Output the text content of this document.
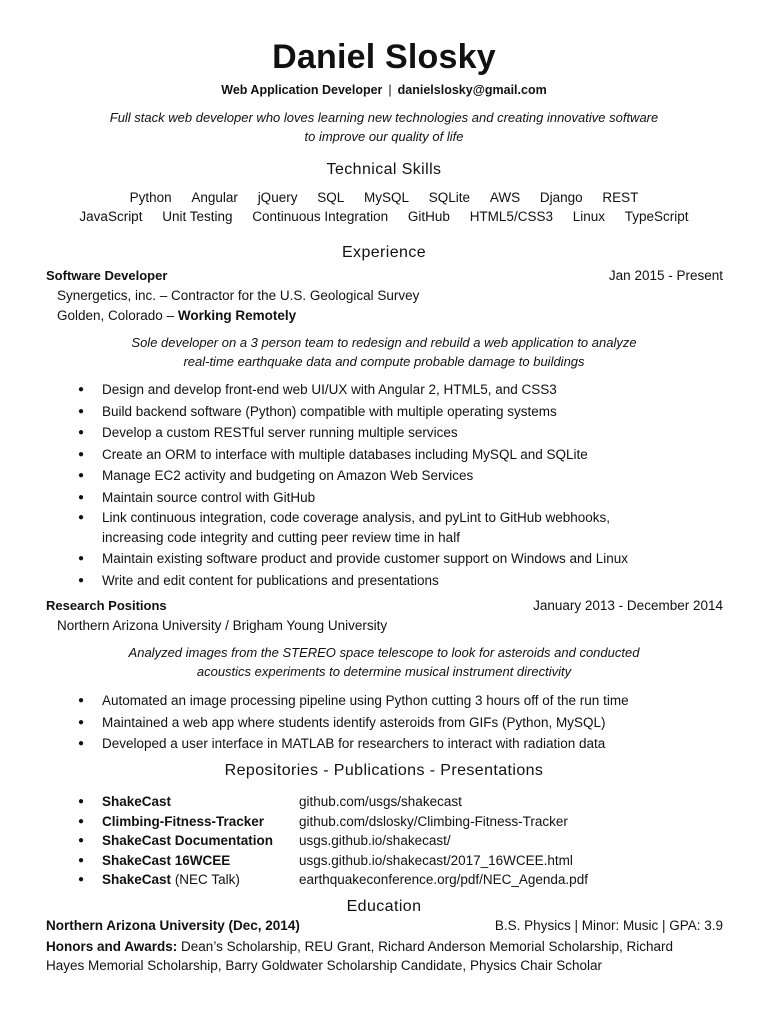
Daniel Slosky
Web Application Developer | danielslosky@gmail.com
Full stack web developer who loves learning new technologies and creating innovative software
to improve our quality of life
Technical Skills
Python Angular jQuery SQL MySQL SQLite AWS Django REST
JavaScript Unit Testing Continuous Integration GitHub HTML5/CSS3 Linux TypeScript
Experience
Software Developer	Jan 2015 - Present
Synergetics, inc. – Contractor for the U.S. Geological Survey
Golden, Colorado – Working Remotely
Sole developer on a 3 person team to redesign and rebuild a web application to analyze
real-time earthquake data and compute probable damage to buildings
● Design and develop front-end web UI/UX with Angular 2, HTML5, and CSS3
● Build backend software (Python) compatible with multiple operating systems
● Develop a custom RESTful server running multiple services
● Create an ORM to interface with multiple databases including MySQL and SQLite
● Manage EC2 activity and budgeting on Amazon Web Services
● Maintain source control with GitHub
● Link continuous integration, code coverage analysis, and pyLint to GitHub webhooks,
increasing code integrity and cutting peer review time in half
● Maintain existing software product and provide customer support on Windows and Linux
● Write and edit content for publications and presentations
Research Positions	January 2013 - December 2014
Northern Arizona University / Brigham Young University
Analyzed images from the STEREO space telescope to look for asteroids and conducted
acoustics experiments to determine musical instrument directivity
● Automated an image processing pipeline using Python cutting 3 hours off of the run time
● Maintained a web app where students identify asteroids from GIFs (Python, MySQL)
● Developed a user interface in MATLAB for researchers to interact with radiation data
Repositories - Publications - Presentations
● ShakeCast	github.com/usgs/shakecast
● Climbing-Fitness-Tracker	github.com/dslosky/Climbing-Fitness-Tracker
● ShakeCast Documentation usgs.github.io/shakecast/
● ShakeCast 16WCEE	usgs.github.io/shakecast/2017_16WCEE.html
● ShakeCast (NEC Talk)	earthquakeconference.org/pdf/NEC_Agenda.pdf
Education
Northern Arizona University (Dec, 2014)	B.S. Physics | Minor: Music | GPA: 3.9
Honors and Awards: Dean’s Scholarship, REU Grant, Richard Anderson Memorial Scholarship, Richard
Hayes Memorial Scholarship, Barry Goldwater Scholarship Candidate, Physics Chair Scholar
